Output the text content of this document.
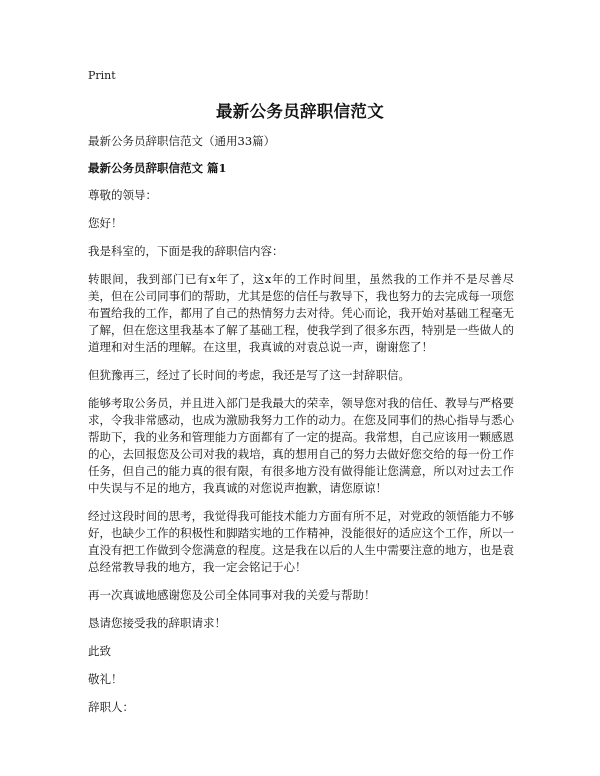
Print
最新公务员辞职信范文
最新公务员辞职信范文（通用33篇）
最新公务员辞职信范文 篇1

尊敬的领导：

您好！

我是科室的，下面是我的辞职信内容：

转眼间，我到部门已有x年了，这x年的工作时间里，虽然我的工作并不是尽善尽美，但在公司同事们的帮助，尤其是您的信任与教导下，我也努力的去完成每一项您布置给我的工作，都用了自己的热情努力去对待。凭心而论，我开始对基础工程毫无了解，但在您这里我基本了解了基础工程，使我学到了很多东西，特别是一些做人的道理和对生活的理解。在这里，我真诚的对袁总说一声，谢谢您了！

但犹豫再三，经过了长时间的考虑，我还是写了这一封辞职信。

能够考取公务员，并且进入部门是我最大的荣幸，领导您对我的信任、教导与严格要求，令我非常感动，也成为激励我努力工作的动力。在您及同事们的热心指导与悉心帮助下，我的业务和管理能力方面都有了一定的提高。我常想，自己应该用一颗感恩的心，去回报您及公司对我的栽培，真的想用自己的努力去做好您交给的每一份工作任务，但自己的能力真的很有限，有很多地方没有做得能让您满意，所以对过去工作中失误与不足的地方，我真诚的对您说声抱歉，请您原谅！

经过这段时间的思考，我觉得我可能技术能力方面有所不足，对党政的领悟能力不够好，也缺少工作的积极性和脚踏实地的工作精神，没能很好的适应这个工作，所以一直没有把工作做到令您满意的程度。这是我在以后的人生中需要注意的地方，也是袁总经常教导我的地方，我一定会铭记于心！

再一次真诚地感谢您及公司全体同事对我的关爱与帮助！

恳请您接受我的辞职请求！

此致

敬礼！

辞职人：
